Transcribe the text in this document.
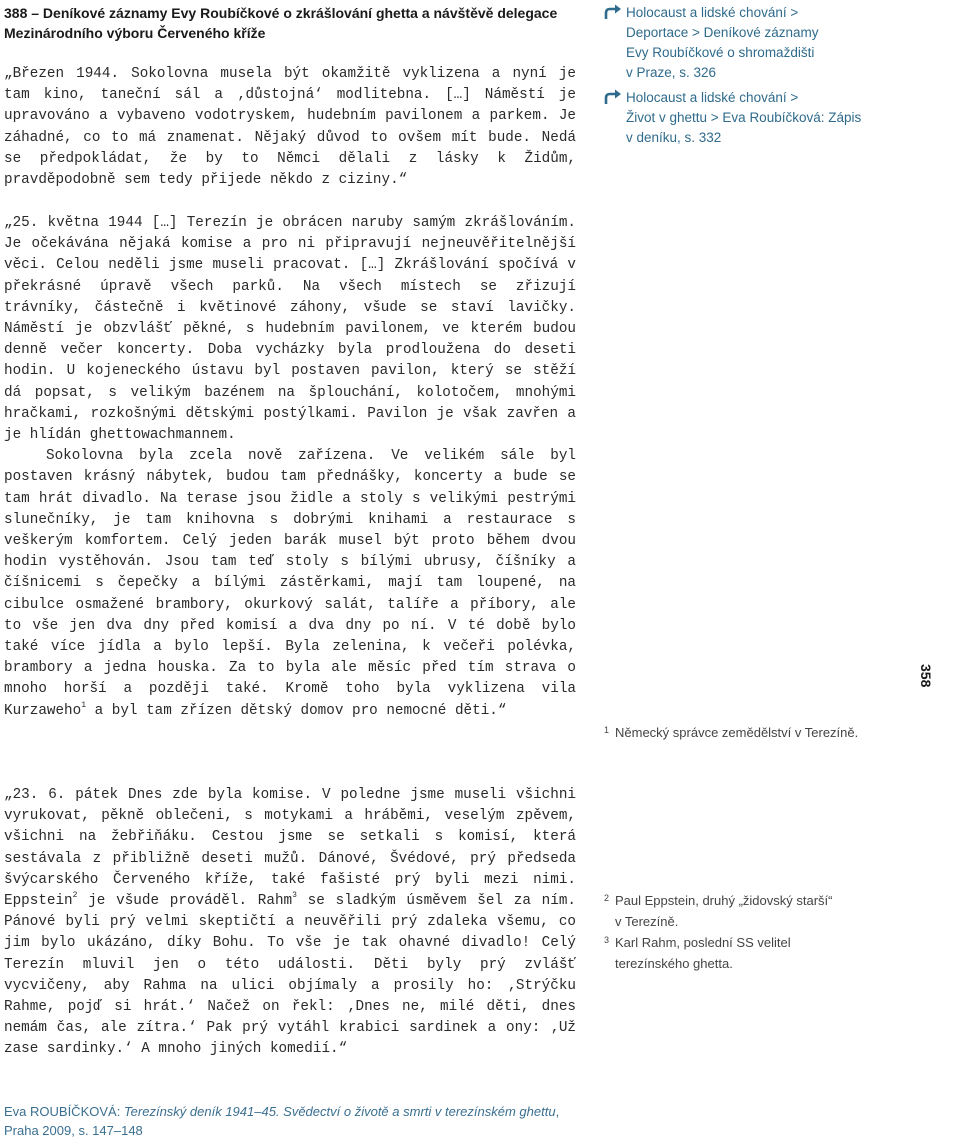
388 – Deníkové záznamy Evy Roubíčkové o zkrášlování ghetta a návštěvě delegace
Mezinárodního výboru Červeného kříže

„Březen 1944. Sokolovna musela být okamžitě vyklizena a nyní je tam kino, taneční sál a ‚důstojná‘ modlitebna. […] Náměstí je upravováno a vybaveno vodotryskem, hudebním pavilonem a parkem. Je záhadné, co to má znamenat. Nějaký důvod to ovšem mít bude. Nedá se předpokládat, že by to Němci dělali z lásky k Židům, pravděpodobně sem tedy přijede někdo z ciziny.“

„25. května 1944 […] Terezín je obrácen naruby samým zkrášlováním. Je očekávána nějaká komise a pro ni připravují nejneuvěřitelnější věci. Celou neděli jsme museli pracovat. […] Zkrášlování spočívá v překrásné úpravě všech parků. Na všech místech se zřizují trávníky, částečně i květinové záhony, všude se staví lavičky. Náměstí je obzvlášť pěkné, s hudebním pavilonem, ve kterém budou denně večer koncerty. Doba vycházky byla prodloužena do deseti hodin. U kojeneckého ústavu byl postaven pavilon, který se stěží dá popsat, s velikým bazénem na šplouchání, kolotočem, mnohými hračkami, rozkošnými dětskými postýlkami. Pavilon je však zavřen a je hlídán ghettowachmannem.

Sokolovna byla zcela nově zařízena. Ve velikém sále byl postaven krásný nábytek, budou tam přednášky, koncerty a bude se tam hrát divadlo. Na terase jsou židle a stoly s velikými pestrými slunečníky, je tam knihovna s dobrými knihami a restaurace s veškerým komfortem. Celý jeden barák musel být proto během dvou hodin vystěhován. Jsou tam teď stoly s bílými ubrusy, číšníky a číšnicemi s čepečky a bílými zástěrkami, mají tam loupené, na cibulce osmažené brambory, okurkový salát, talíře a příbory, ale to vše jen dva dny před komisí a dva dny po ní. V té době bylo také více jídla a bylo lepší. Byla zelenina, k večeři polévka, brambory a jedna houska. Za to byla ale měsíc před tím strava o mnoho horší a později také. Kromě toho byla vyklizena vila Kurzaweho$^1$ a byl tam zřízen dětský domov pro nemocné děti.“

„23. 6. pátek Dnes zde byla komise. V poledne jsme museli všichni vyrukovat, pěkně oblečeni, s motykami a hráběmi, veselým zpěvem, všichni na žebřiňáku. Cestou jsme se setkali s komisí, která sestávala z přibližně deseti mužů. Dánové, Švédové, prý předseda švýcarského Červeného kříže, také fašisté prý byli mezi nimi. Eppstein$^2$ je všude prováděl. Rahm$^3$ se sladkým úsměvem šel za ním. Pánové byli prý velmi skeptičtí a neuvěřili prý zdaleka všemu, co jim bylo ukázáno, díky Bohu. To vše je tak ohavné divadlo! Celý Terezín mluvil jen o této události. Děti byly prý zvlášť vycvičeny, aby Rahma na ulici objímaly a prosily ho: ‚Strýčku Rahme, pojď si hrát.‘ Načež on řekl: ‚Dnes ne, milé děti, dnes nemám čas, ale zítra.‘ Pak prý vytáhl krabici sardinek a ony: ‚Už zase sardinky.‘ A mnoho jiných komedií.“

Holocaust a lidské chování >
Deportace > Deníkové záznamy
Evy Roubíčkové o shromaždišti
v Praze, s. 326
Holocaust a lidské chování >
Život v ghettu > Eva Roubíčková: Zápis
v deníku, s. 332
358
1 Německý správce zemědělství v Terezíně.
2 Paul Eppstein, druhý „židovský starší“
v Terezíně.
3 Karl Rahm, poslední SS velitel
terezínského ghetta.
Eva ROUBÍČKOVÁ: Terezínský deník 1941–45. Svědectví o životě a smrti v terezínském ghettu,
Praha 2009, s. 147–148
